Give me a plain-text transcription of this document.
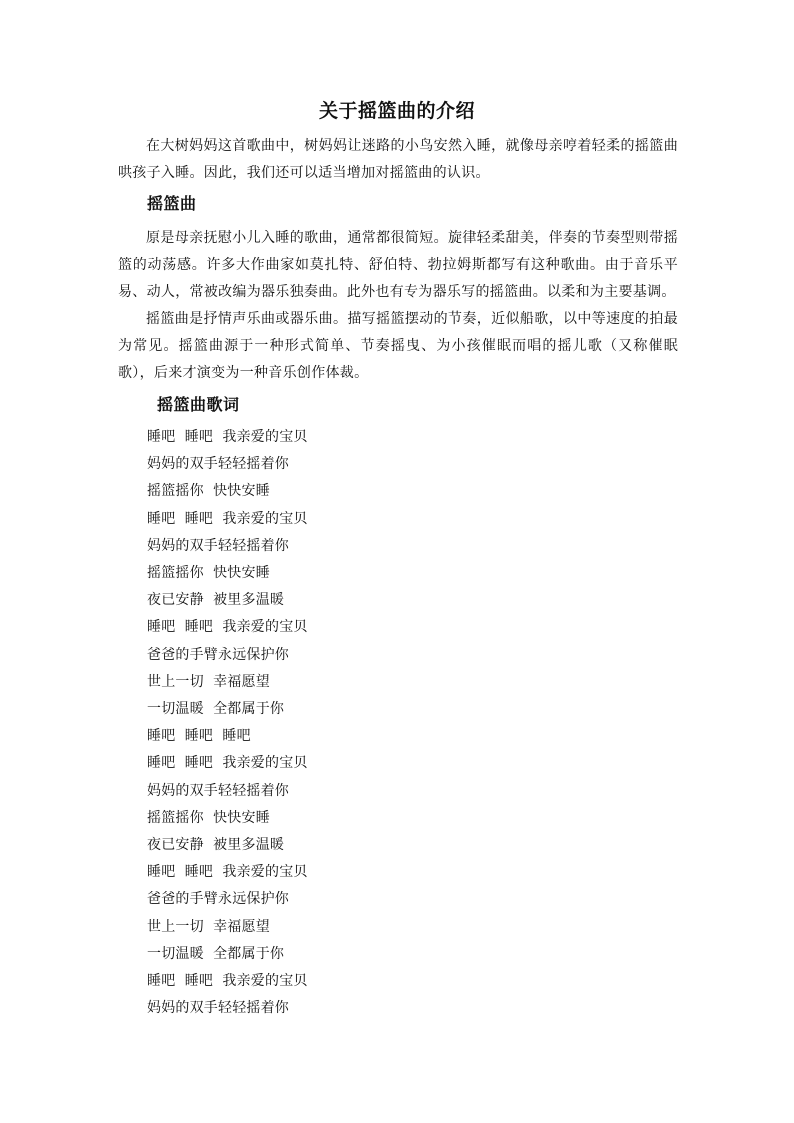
关于摇篮曲的介绍
在大树妈妈这首歌曲中，树妈妈让迷路的小鸟安然入睡，就像母亲哼着轻柔的摇篮曲哄孩子入睡。因此，我们还可以适当增加对摇篮曲的认识。
摇篮曲
原是母亲抚慰小儿入睡的歌曲，通常都很简短。旋律轻柔甜美，伴奏的节奏型则带摇篮的动荡感。许多大作曲家如莫扎特、舒伯特、勃拉姆斯都写有这种歌曲。由于音乐平易、动人，常被改编为器乐独奏曲。此外也有专为器乐写的摇篮曲。以柔和为主要基调。
摇篮曲是抒情声乐曲或器乐曲。描写摇篮摆动的节奏，近似船歌，以中等速度的拍最为常见。摇篮曲源于一种形式简单、节奏摇曳、为小孩催眠而唱的摇儿歌（又称催眠歌），后来才演变为一种音乐创作体裁。
摇篮曲歌词
睡吧  睡吧  我亲爱的宝贝
妈妈的双手轻轻摇着你
摇篮摇你  快快安睡
睡吧  睡吧  我亲爱的宝贝
妈妈的双手轻轻摇着你
摇篮摇你  快快安睡
夜已安静  被里多温暖
睡吧  睡吧  我亲爱的宝贝
爸爸的手臂永远保护你
世上一切  幸福愿望
一切温暖  全都属于你
睡吧  睡吧  睡吧
睡吧  睡吧  我亲爱的宝贝
妈妈的双手轻轻摇着你
摇篮摇你  快快安睡
夜已安静  被里多温暖
睡吧  睡吧  我亲爱的宝贝
爸爸的手臂永远保护你
世上一切  幸福愿望
一切温暖  全都属于你
睡吧  睡吧  我亲爱的宝贝
妈妈的双手轻轻摇着你
